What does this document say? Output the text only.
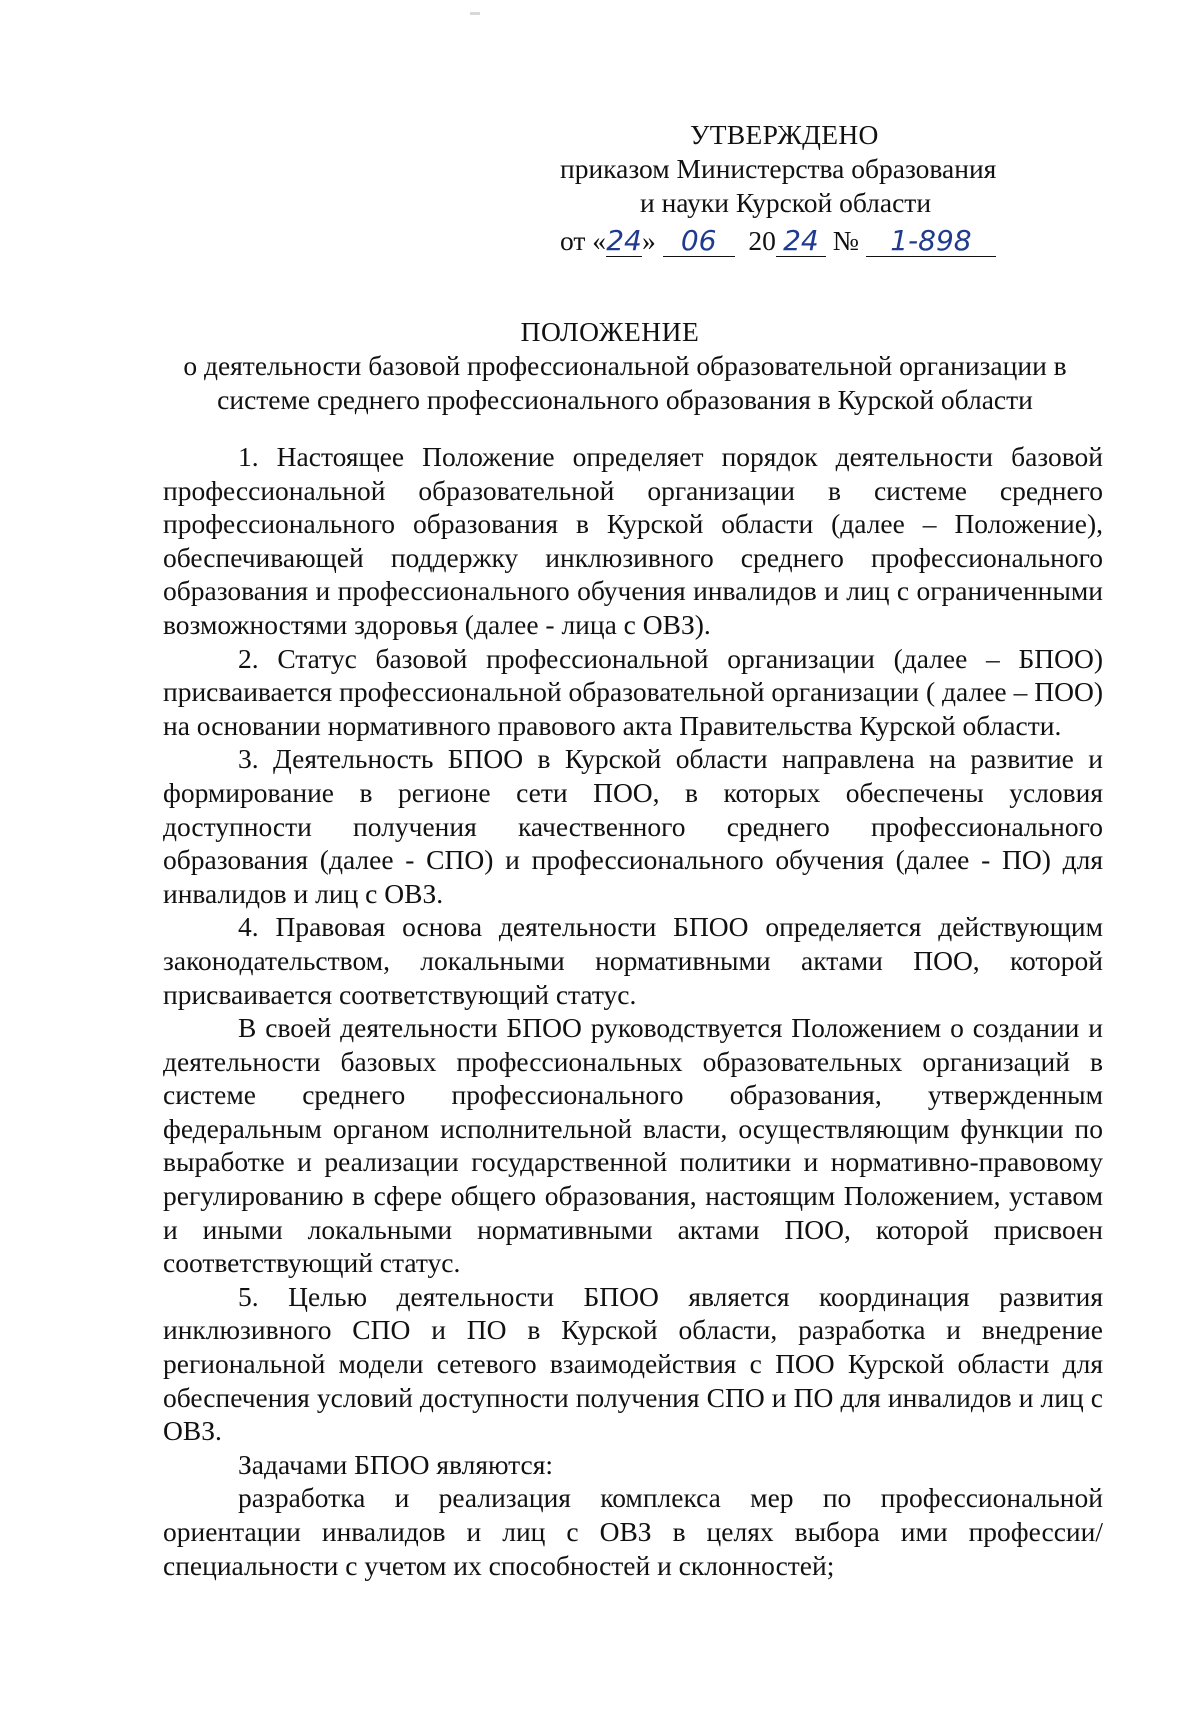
УТВЕРЖДЕНО
приказом Министерства образования
и науки Курской области
от «24» 06 20 24 № 1-898
ПОЛОЖЕНИЕ
о деятельности базовой профессиональной образовательной организации в
системе среднего профессионального образования в Курской области

1. Настоящее Положение определяет порядок деятельности базовой профессиональной образовательной организации в системе среднего профессионального образования в Курской области (далее – Положение), обеспечивающей поддержку инклюзивного среднего профессионального образования и профессионального обучения инвалидов и лиц с ограниченными возможностями здоровья (далее - лица с ОВЗ).

2. Статус базовой профессиональной организации (далее – БПОО) присваивается профессиональной образовательной организации ( далее – ПОО) на основании нормативного правового акта Правительства Курской области.

3. Деятельность БПОО в Курской области направлена на развитие и формирование в регионе сети ПОО, в которых обеспечены условия доступности получения качественного среднего профессионального образования (далее - СПО) и профессионального обучения (далее - ПО) для инвалидов и лиц с ОВЗ.

4. Правовая основа деятельности БПОО определяется действующим законодательством, локальными нормативными актами ПОО, которой присваивается соответствующий статус.

В своей деятельности БПОО руководствуется Положением о создании и деятельности базовых профессиональных образовательных организаций в системе среднего профессионального образования, утвержденным федеральным органом исполнительной власти, осуществляющим функции по выработке и реализации государственной политики и нормативно-правовому регулированию в сфере общего образования, настоящим Положением, уставом и иными локальными нормативными актами ПОО, которой присвоен соответствующий статус.

5. Целью деятельности БПОО является координация развития инклюзивного СПО и ПО в Курской области, разработка и внедрение региональной модели сетевого взаимодействия с ПОО Курской области для обеспечения условий доступности получения СПО и ПО для инвалидов и лиц с ОВЗ.

Задачами БПОО являются:

разработка и реализация комплекса мер по профессиональной ориентации инвалидов и лиц с ОВЗ в целях выбора ими профессии/специальности с учетом их способностей и склонностей;
